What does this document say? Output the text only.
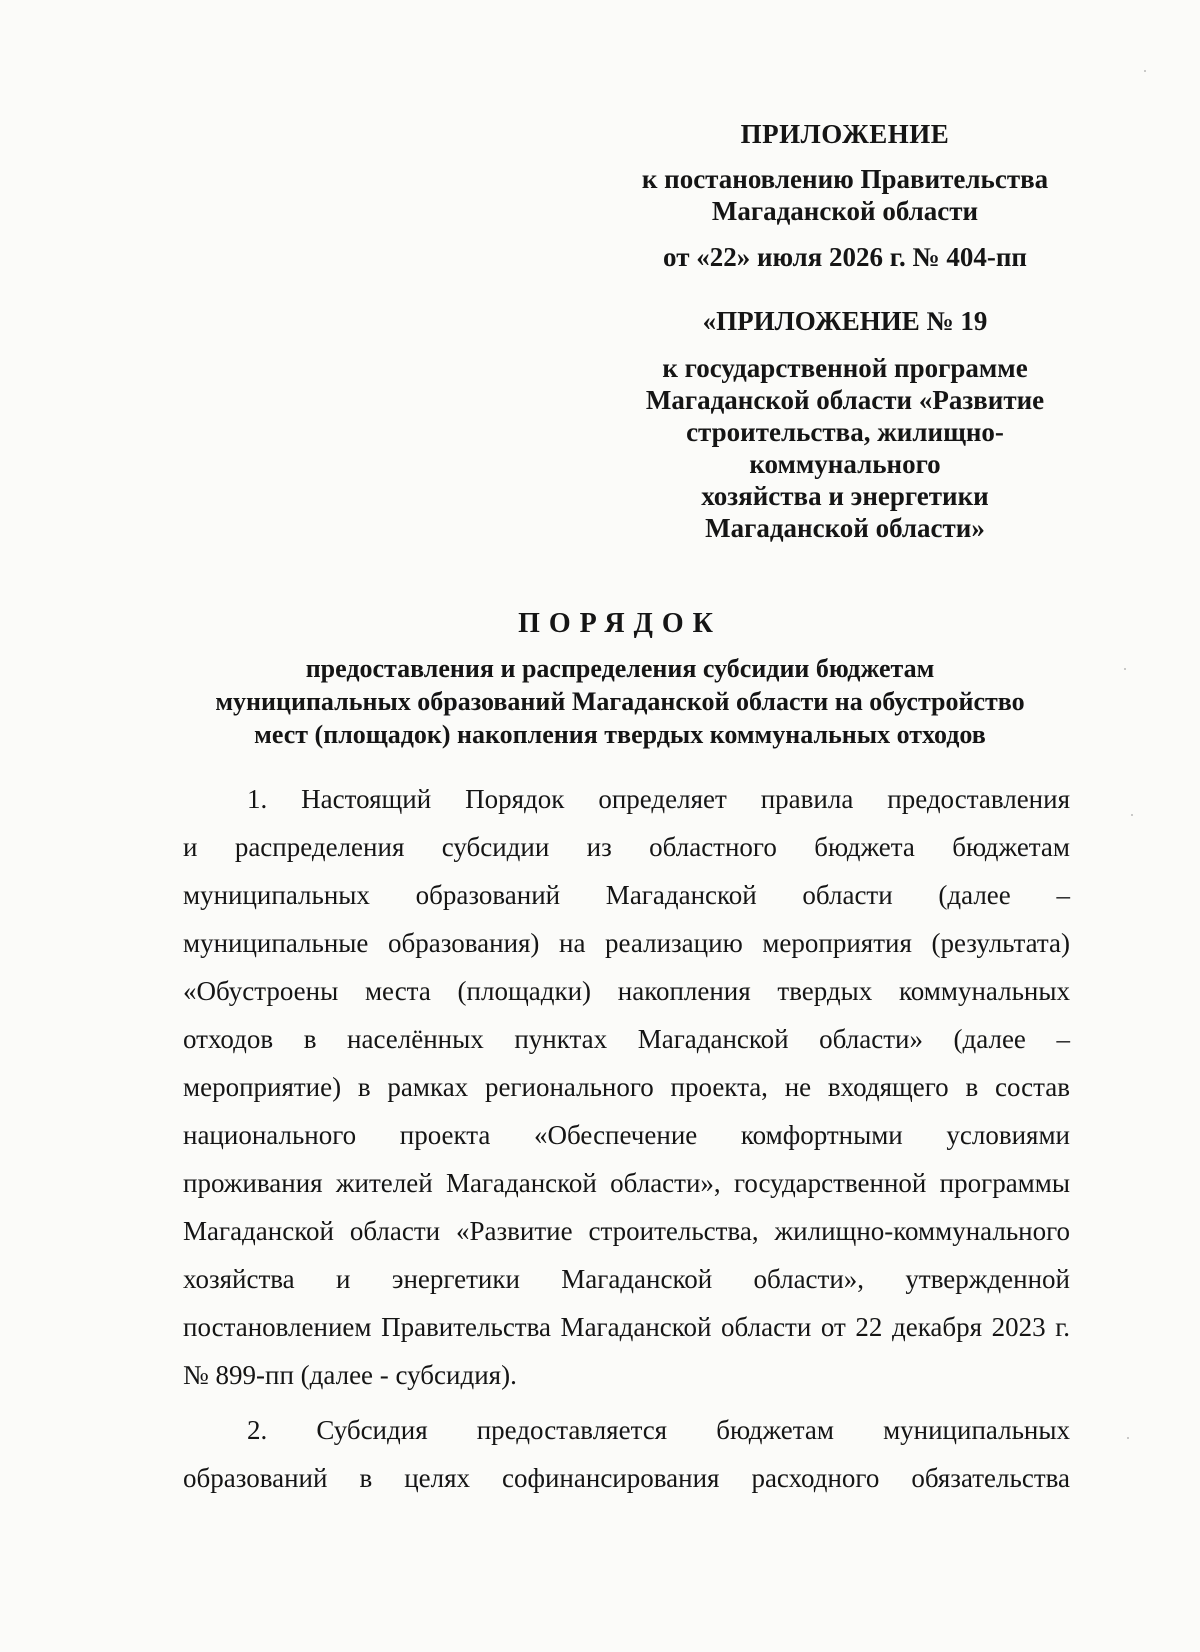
ПРИЛОЖЕНИЕ
к постановлению Правительства
Магаданской области
от «22» июля 2026 г. № 404-пп
«ПРИЛОЖЕНИЕ № 19
к государственной программе
Магаданской области «Развитие
строительства, жилищно-
коммунального
хозяйства и энергетики
Магаданской области»
ПОРЯДОК
предоставления и распределения субсидии бюджетам
муниципальных образований Магаданской области на обустройство
мест (площадок) накопления твердых коммунальных отходов
1. Настоящий Порядок определяет правила предоставления
и распределения субсидии из областного бюджета бюджетам
муниципальных образований Магаданской области (далее –
муниципальные образования) на реализацию мероприятия (результата)
«Обустроены места (площадки) накопления твердых коммунальных
отходов в населённых пунктах Магаданской области» (далее –
мероприятие) в рамках регионального проекта, не входящего в состав
национального проекта «Обеспечение комфортными условиями
проживания жителей Магаданской области», государственной программы
Магаданской области «Развитие строительства, жилищно-коммунального
хозяйства и энергетики Магаданской области», утвержденной
постановлением Правительства Магаданской области от 22 декабря 2023 г.
№ 899-пп (далее - субсидия).
2. Субсидия предоставляется бюджетам муниципальных
образований в целях софинансирования расходного обязательства
